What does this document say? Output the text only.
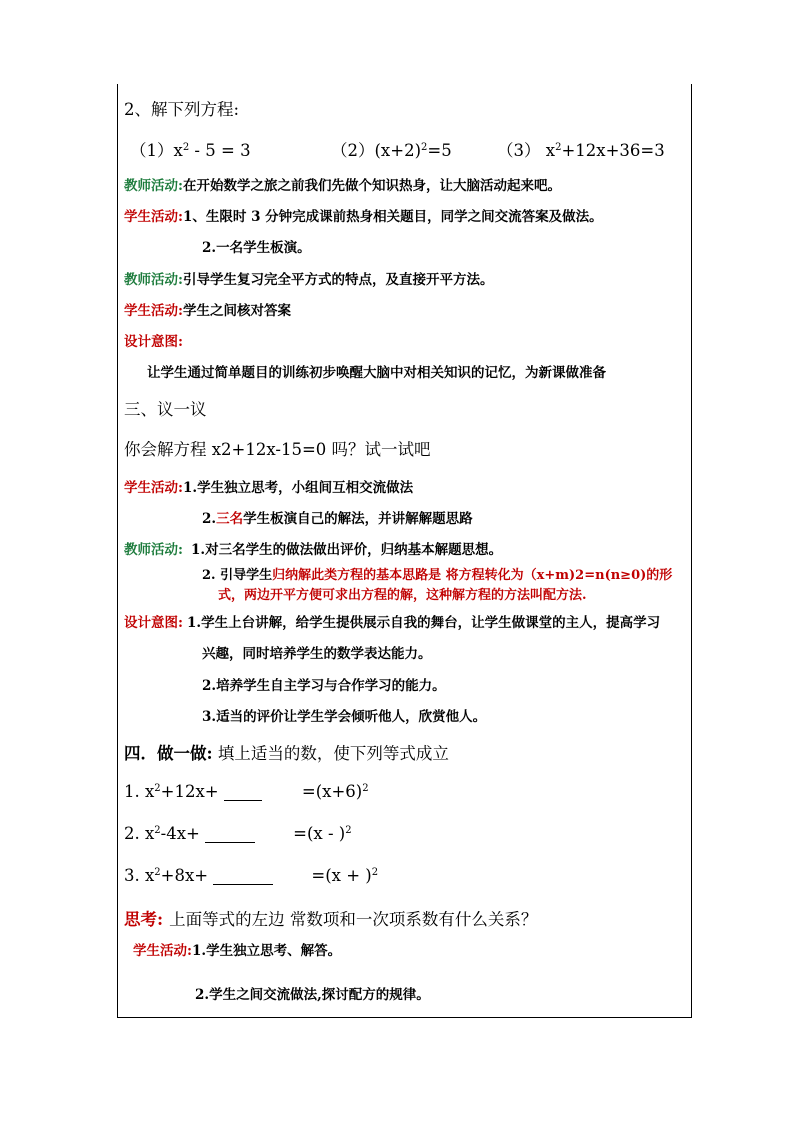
2、解下列方程:
$(1)x^2 - 5 = 3$	$(2)(x+2)^2=5$	（3） $x^2+12x+36=3$
教师活动:在开始数学之旅之前我们先做个知识热身，让大脑活动起来吧。
学生活动:1、生限时 3 分钟完成课前热身相关题目，同学之间交流答案及做法。
2.一名学生板演。
教师活动:引导学生复习完全平方式的特点，及直接开平方法。
学生活动:学生之间核对答案
设计意图:
让学生通过简单题目的训练初步唤醒大脑中对相关知识的记忆，为新课做准备
三、议一议
你会解方程 x2+12x-15=0 吗？试一试吧
学生活动:1.学生独立思考，小组间互相交流做法
2.三名学生板演自己的解法，并讲解解题思路
教师活动: 1.对三名学生的做法做出评价，归纳基本解题思想。
2. 引导学生归纳解此类方程的基本思路是 将方程转化为（x+m)2=n(n≥0)的形
式，两边开平方便可求出方程的解，这种解方程的方法叫配方法.
设计意图: 1.学生上台讲解，给学生提供展示自我的舞台，让学生做课堂的主人，提高学习
兴趣，同时培养学生的数学表达能力。
2.培养学生自主学习与合作学习的能力。
3.适当的评价让学生学会倾听他人，欣赏他人。
四．做一做: 填上适当的数，使下列等式成立
1. $x^2+12x+$	$=(x+6)^2$
2. $x^2-4x+$	=(x - )$^2$
3. $x^2+8x+$	$=(x + )^2$
思考: 上面等式的左边 常数项和一次项系数有什么关系？
学生活动:1.学生独立思考、解答。
2.学生之间交流做法,探讨配方的规律。
